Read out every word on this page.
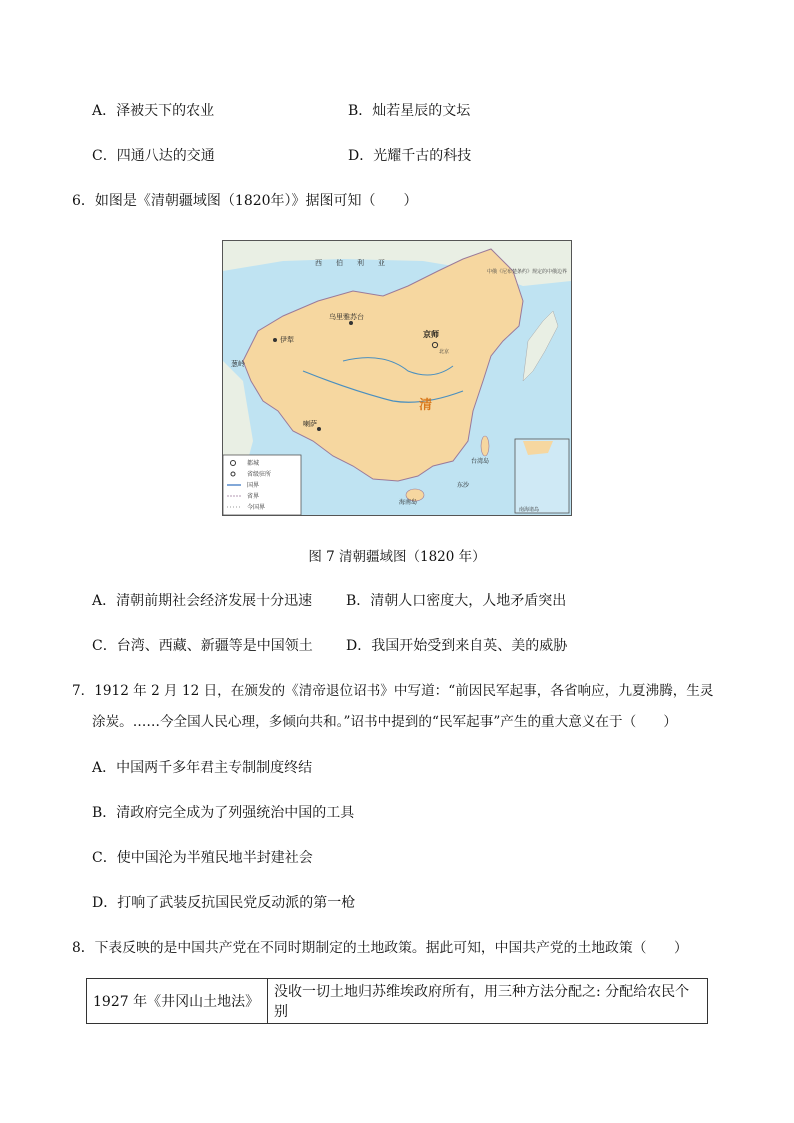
A．泽被天下的农业	B．灿若星辰的文坛
C．四通八达的交通	D．光耀千古的科技
6．如图是《清朝疆域图（1820年）》据图可知（　　）
都城
省级驻所
国界
省界
今国界
西　　伯　　利　　亚
中俄《尼布楚条约》规定的中俄边界
乌里雅苏台
伊犁
葱岭
京师
北京
清
喇萨
台湾岛
东沙
海南岛
南海诸岛
图 7 清朝疆域图（1820 年）
A．清朝前期社会经济发展十分迅速 B．清朝人口密度大，人地矛盾突出
C．台湾、西藏、新疆等是中国领土 D．我国开始受到来自英、美的威胁
7．1912 年 2 月 12 日，在颁发的《清帝退位诏书》中写道：“前因民军起事，各省响应，九夏沸腾，生灵
涂炭。……今全国人民心理，多倾向共和。”诏书中提到的“民军起事”产生的重大意义在于（　　）
A．中国两千多年君主专制制度终结
B．清政府完全成为了列强统治中国的工具
C．使中国沦为半殖民地半封建社会
D．打响了武装反抗国民党反动派的第一枪
8．下表反映的是中国共产党在不同时期制定的土地政策。据此可知，中国共产党的土地政策（　　）
1927 年《井冈山土地法》	没收一切土地归苏维埃政府所有，用三种方法分配之: 分配给农民个别
